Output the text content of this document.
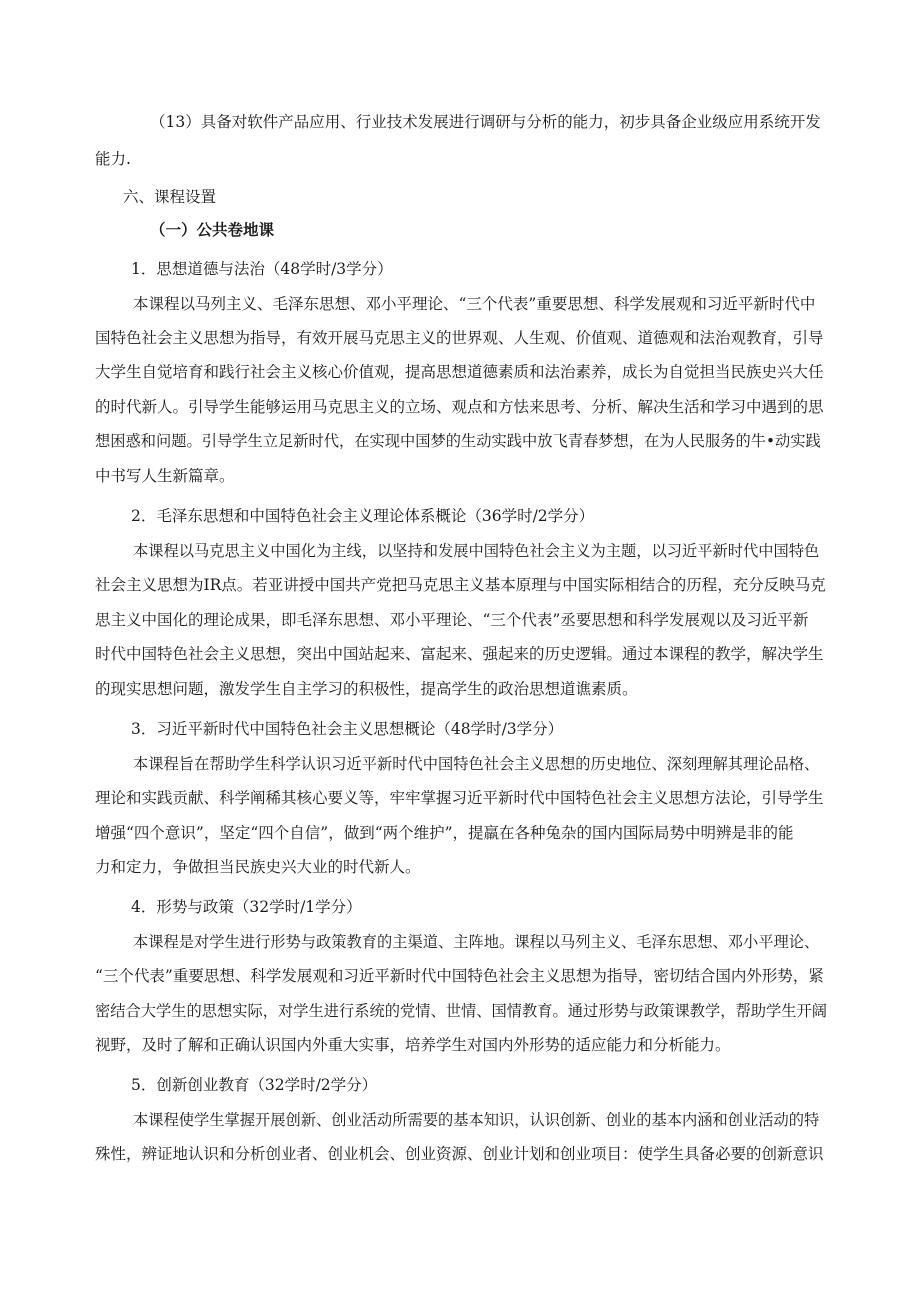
（13）具备对软件产品应用、行业技术发展进行调研与分析的能力，初步具备企业级应用系统开发
能力.
六、课程设置
（一）公共卷地课
1．思想道德与法治（48学时/3学分）
本课程以马列主义、毛泽东思想、邓小平理论、“三个代表”重要思想、科学发展观和习近平新时代中
国特色社会主义思想为指导，有效开展马克思主义的世界观、人生观、价值观、道德观和法治观教育，引导
大学生自觉培育和践行社会主义核心价值观，提高思想道德素质和法治素养，成长为自觉担当民族史兴大任
的时代新人。引导学生能够运用马克思主义的立场、观点和方怯来思考、分析、解决生活和学习中遇到的思
想困惑和问题。引导学生立足新时代，在实现中国梦的生动实践中放飞青春梦想，在为人民服务的牛•动实践
中书写人生新篇章。
2．毛泽东思想和中国特色社会主义理论体系概论（36学时/2学分）
本课程以马克思主义中国化为主线，以坚持和发展中国特色社会主义为主题，以习近平新时代中国特色
社会主义思想为IR点。若亚讲授中国共产党把马克思主义基本原理与中国实际相结合的历程，充分反映马克
思主义中国化的理论成果，即毛泽东思想、邓小平理论、“三个代表”丞要思想和科学发展观以及习近平新
时代中国特色社会主义思想，突出中国站起来、富起来、强起来的历史逻辑。通过本课程的教学，解决学生
的现实思想问题，激发学生自主学习的积极性，提高学生的政治思想道谯素质。
3．习近平新时代中国特色社会主义思想概论（48学时/3学分）
本课程旨在帮助学生科学认识习近平新时代中国特色社会主义思想的历史地位、深刻理解其理论品格、
理论和实践贡献、科学阐稀其核心要义等，牢牢掌握习近平新时代中国特色社会主义思想方法论，引导学生
增强“四个意识”，坚定“四个自信”，做到“两个维护”，提羸在各种兔杂的国内国际局势中明辨是非的能
力和定力，争做担当民族史兴大业的时代新人。
4．形势与政策（32学时/1学分）
本课程是对学生进行形势与政策教育的主渠道、主阵地。课程以马列主义、毛泽东思想、邓小平理论、
“三个代表”重要思想、科学发展观和习近平新时代中国特色社会主义思想为指导，密切结合国内外形势，紧
密结合大学生的思想实际，对学生进行系统的党情、世情、国情教育。通过形势与政策课教学，帮助学生开阔
视野，及时了解和正确认识国内外重大实事，培养学生对国内外形势的适应能力和分析能力。
5．创新创业教育（32学时/2学分）
本课程使学生掌握开展创新、创业活动所需要的基本知识，认识创新、创业的基本内涵和创业活动的特
殊性，辨证地认识和分析创业者、创业机会、创业资源、创业计划和创业项目：使学生具备必要的创新意识
